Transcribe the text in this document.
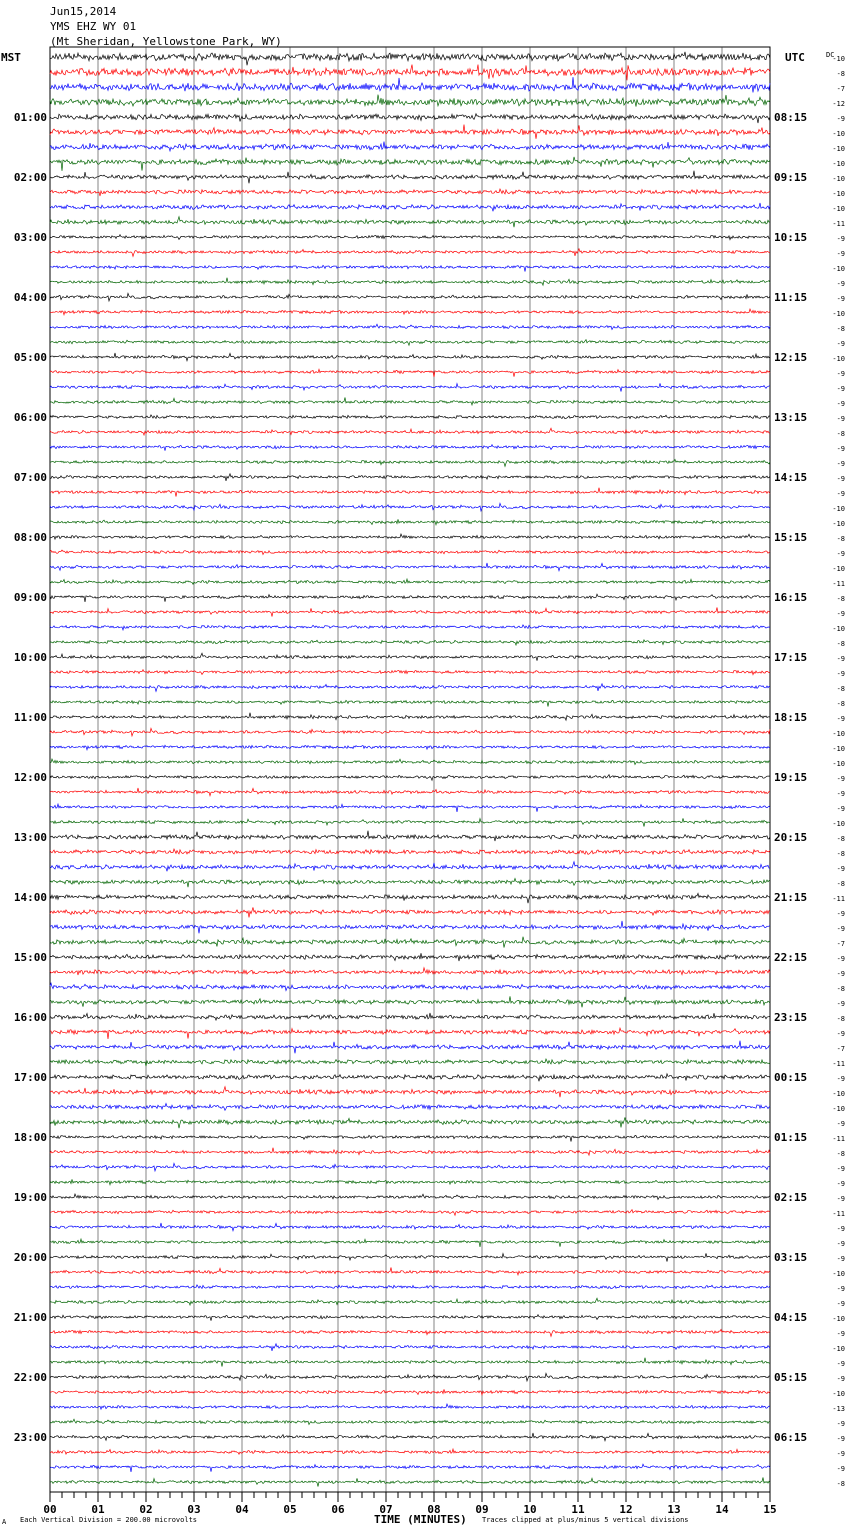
Jun15,2014
YMS EHZ WY 01
(Mt Sheridan, Yellowstone Park, WY)
MST	UTC	DC
01:00
02:00
03:00
04:00
05:00
06:00
07:00
08:00
09:00
10:00
11:00
12:00
13:00
14:00
15:00
16:00
17:00
18:00
19:00
20:00
21:00
22:00
23:00
08:15
09:15
10:15
11:15
12:15
13:15
14:15
15:15
16:15
17:15
18:15
19:15
20:15
21:15
22:15
23:15
00:15
01:15
02:15
03:15
04:15
05:15
06:15
-10
-8
-7
-12
-9
-10
-10
-10
-10
-10
-10
-11
-9
-9
-10
-9
-9
-10
-8
-9
-10
-9
-9
-9
-9
-8
-9
-9
-9
-9
-10
-10
-8
-9
-10
-11
-8
-9
-10
-8
-9
-9
-8
-8
-9
-10
-10
-10
-9
-9
-9
-10
-8
-8
-9
-8
-11
-9
-9
-7
-9
-9
-8
-9
-8
-9
-7
-11
-9
-10
-10
-9
-11
-8
-9
-9
-9
-11
-9
-9
-9
-10
-9
-9
-10
-9
-10
-9
-9
-10
-13
-9
-9
-9
-9
-8
00	01	02	03	04	05	06	07	08	09	10	11	12	13	14	15
A Each Vertical Division = 200.00 microvolts	TIME (MINUTES) Traces clipped at plus/minus 5 vertical divisions
